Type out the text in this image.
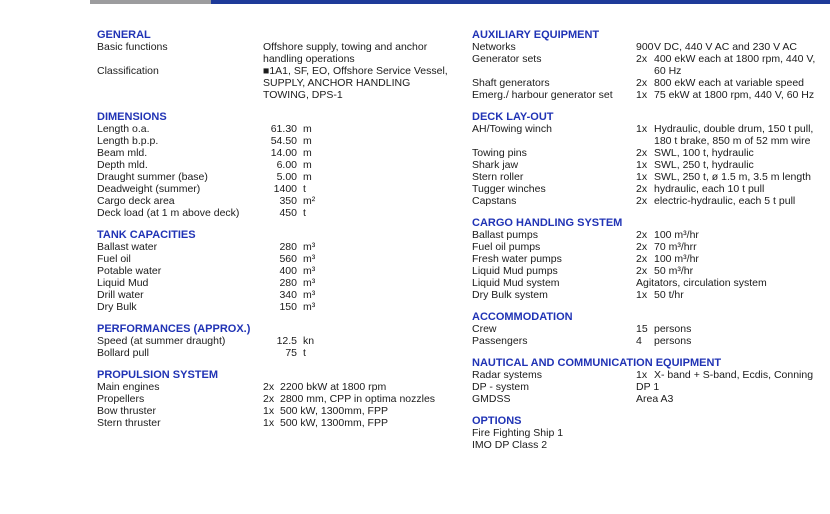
GENERAL
Basic functions	Offshore supply, towing and anchor
handling operations
Classification	■1A1, SF, EO, Offshore Service Vessel,
SUPPLY, ANCHOR HANDLING
TOWING, DPS-1
DIMENSIONS
Length o.a.	61.30 m
Length b.p.p.	54.50 m
Beam mld.	14.00 m
Depth mld.	6.00 m
Draught summer (base)	5.00 m
Deadweight (summer)	1400 t
Cargo deck area	350 m²
Deck load (at 1 m above deck)	450 t
TANK CAPACITIES
Ballast water	280 m³
Fuel oil	560 m³
Potable water	400 m³
Liquid Mud	280 m³
Drill water	340 m³
Dry Bulk	150 m³
PERFORMANCES (APPROX.)
Speed (at summer draught)	12.5 kn
Bollard pull	75 t
PROPULSION SYSTEM
Main engines	2x 2200 bkW at 1800 rpm
Propellers	2x 2800 mm, CPP in optima nozzles
Bow thruster	1x 500 kW, 1300mm, FPP
Stern thruster	1x 500 kW, 1300mm, FPP
AUXILIARY EQUIPMENT
Networks	900 V DC, 440 V AC and 230 V AC
Generator sets	2x 400 ekW each at 1800 rpm, 440 V,
60 Hz
Shaft generators	2x 800 ekW each at variable speed
Emerg./ harbour generator set	1x 75 ekW at 1800 rpm, 440 V, 60 Hz
DECK LAY-OUT
AH/Towing winch	1x Hydraulic, double drum, 150 t pull,
180 t brake, 850 m of 52 mm wire
Towing pins	2x SWL, 100 t, hydraulic
Shark jaw	1x SWL, 250 t, hydraulic
Stern roller	1x SWL, 250 t, ø 1.5 m, 3.5 m length
Tugger winches	2x hydraulic, each 10 t pull
Capstans	2x electric-hydraulic, each 5 t pull
CARGO HANDLING SYSTEM
Ballast pumps	2x 100 m³/hr
Fuel oil pumps	2x 70 m³/hrr
Fresh water pumps	2x 100 m³/hr
Liquid Mud pumps	2x 50 m³/hr
Liquid Mud system	Agitators, circulation system
Dry Bulk system	1x 50 t/hr
ACCOMMODATION
Crew	15 persons
Passengers	4	persons
NAUTICAL AND COMMUNICATION EQUIPMENT
Radar systems	1x X- band + S-band, Ecdis, Conning
DP - system	DP 1
GMDSS	Area A3
OPTIONS
Fire Fighting Ship 1
IMO DP Class 2
